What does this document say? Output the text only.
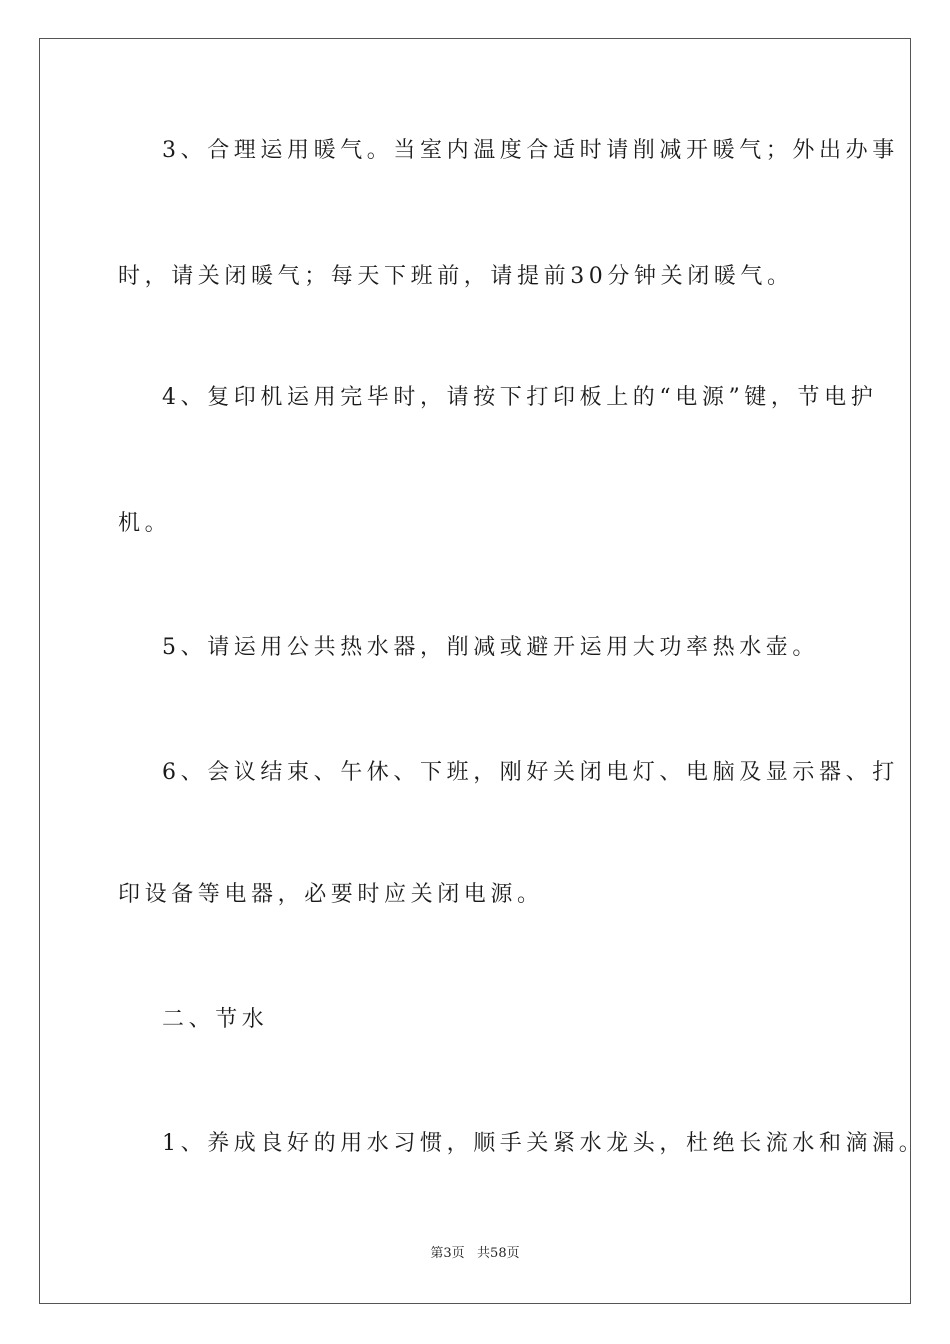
3、合理运用暖气。当室内温度合适时请削减开暖气；外出办事
时，请关闭暖气；每天下班前，请提前30分钟关闭暖气。
4、复印机运用完毕时，请按下打印板上的“电源”键，节电护
机。
5、请运用公共热水器，削减或避开运用大功率热水壶。
6、会议结束、午休、下班，刚好关闭电灯、电脑及显示器、打
印设备等电器，必要时应关闭电源。
二、节水
1、养成良好的用水习惯，顺手关紧水龙头，杜绝长流水和滴漏。
第3页   共58页
